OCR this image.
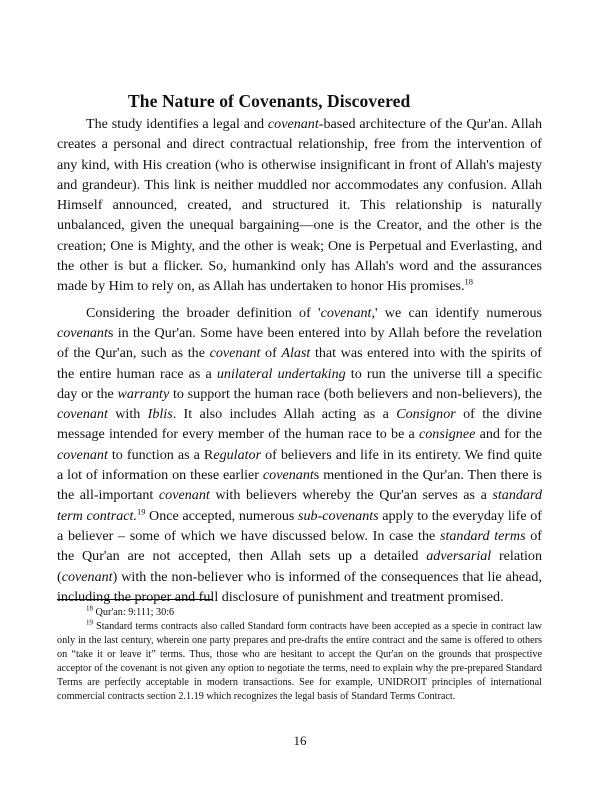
The Nature of Covenants, Discovered

The study identifies a legal and covenant-based architecture of the Qur'an. Allah creates a personal and direct contractual relationship, free from the intervention of any kind, with His creation (who is otherwise insignificant in front of Allah's majesty and grandeur). This link is neither muddled nor accommodates any confusion. Allah Himself announced, created, and structured it. This relationship is naturally unbalanced, given the unequal bargaining—one is the Creator, and the other is the creation; One is Mighty, and the other is weak; One is Perpetual and Everlasting, and the other is but a flicker. So, humankind only has Allah's word and the assurances made by Him to rely on, as Allah has undertaken to honor His promises.$^{18}$

Considering the broader definition of 'covenant,' we can identify numerous covenants in the Qur'an. Some have been entered into by Allah before the revelation of the Qur'an, such as the covenant of Alast that was entered into with the spirits of the entire human race as a unilateral undertaking to run the universe till a specific day or the warranty to support the human race (both believers and non-believers), the covenant with Iblis. It also includes Allah acting as a Consignor of the divine message intended for every member of the human race to be a consignee and for the covenant to function as a Regulator of believers and life in its entirety. We find quite a lot of information on these earlier covenants mentioned in the Qur'an. Then there is the all-important covenant with believers whereby the Qur'an serves as a standard term contract.$^{19}$ Once accepted, numerous sub-covenants apply to the everyday life of a believer – some of which we have discussed below. In case the standard terms of the Qur'an are not accepted, then Allah sets up a detailed adversarial relation (covenant) with the non-believer who is informed of the consequences that lie ahead, including the proper and full disclosure of punishment and treatment promised.

$^{18}$ Qur'an: 9:111; 30:6

$^{19}$ Standard terms contracts also called Standard form contracts have been accepted as a specie in contract law only in the last century, wherein one party prepares and pre-drafts the entire contract and the same is offered to others on “take it or leave it” terms. Thus, those who are hesitant to accept the Qur'an on the grounds that prospective acceptor of the covenant is not given any option to negotiate the terms, need to explain why the pre-prepared Standard Terms are perfectly acceptable in modern transactions. See for example, UNIDROIT principles of international commercial contracts section 2.1.19 which recognizes the legal basis of Standard Terms Contract.

16
